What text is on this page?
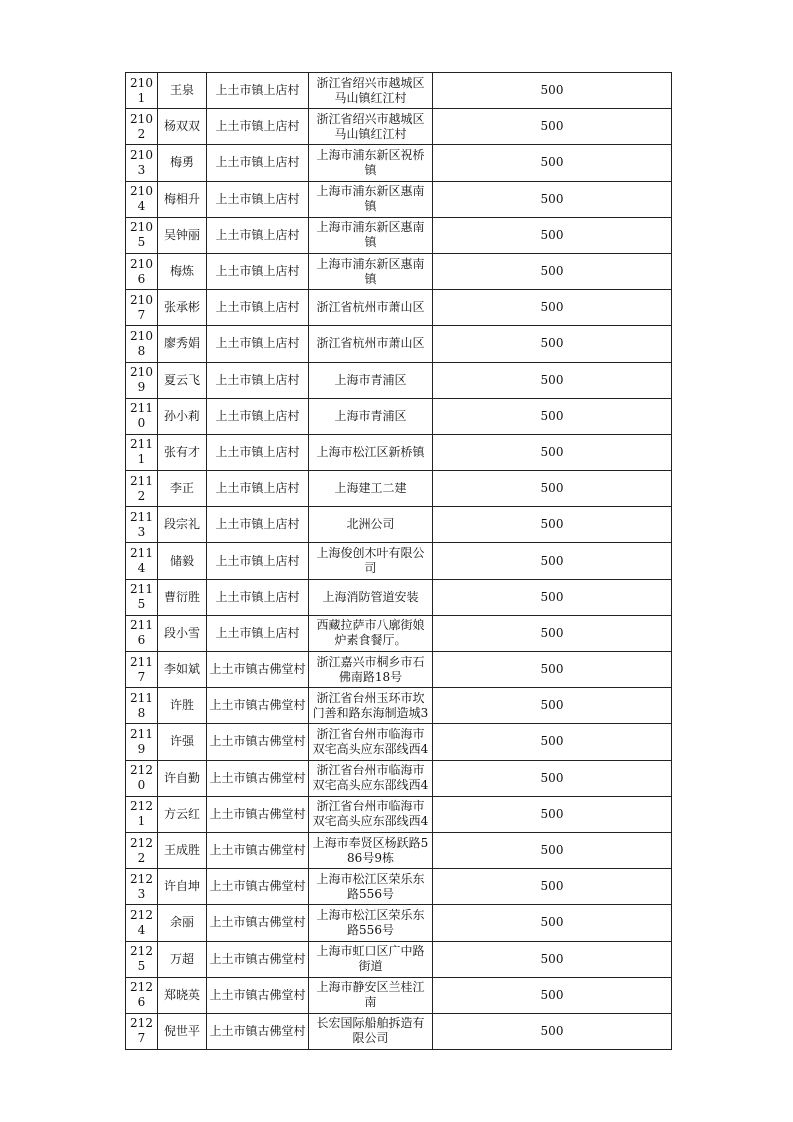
2101	王泉	上土市镇上店村	浙江省绍兴市越城区马山镇红江村	500

2102	杨双双	上土市镇上店村	浙江省绍兴市越城区马山镇红江村	500

2103	梅勇	上土市镇上店村	上海市浦东新区祝桥镇	500

2104	梅相升	上土市镇上店村	上海市浦东新区惠南镇	500

2105	吴钟丽	上土市镇上店村	上海市浦东新区惠南镇	500

2106	梅炼	上土市镇上店村	上海市浦东新区惠南镇	500

2107	张承彬	上土市镇上店村	浙江省杭州市萧山区	500

2108	廖秀娟	上土市镇上店村	浙江省杭州市萧山区	500

2109	夏云飞	上土市镇上店村	上海市青浦区	500

2110	孙小莉	上土市镇上店村	上海市青浦区	500

2111	张有才	上土市镇上店村	上海市松江区新桥镇	500

2112	李正	上土市镇上店村	上海建工二建	500

2113	段宗礼	上土市镇上店村	北洲公司	500

2114	储毅	上土市镇上店村	上海俊创木叶有限公司	500

2115	曹衍胜	上土市镇上店村	上海消防管道安装	500

2116	段小雪	上土市镇上店村	西藏拉萨市八廓街娘炉素食餐厅。	500

2117	李如斌	上土市镇古佛堂村	浙江嘉兴市桐乡市石佛南路18号	500

2118	许胜	上土市镇古佛堂村	浙江省台州玉环市坎门善和路东海制造城3	500

2119	许强	上土市镇古佛堂村	浙江省台州市临海市双宅高头应东邵线西4	500

2120	许自勤	上土市镇古佛堂村	浙江省台州市临海市双宅高头应东邵线西4	500

2121	方云红	上土市镇古佛堂村	浙江省台州市临海市双宅高头应东邵线西4	500

2122	王成胜	上土市镇古佛堂村	上海市奉贤区杨跃路586号9栋	500

2123	许自坤	上土市镇古佛堂村	上海市松江区荣乐东路556号	500

2124	余丽	上土市镇古佛堂村	上海市松江区荣乐东路556号	500

2125	万超	上土市镇古佛堂村	上海市虹口区广中路街道	500

2126	郑晓英	上土市镇古佛堂村	上海市静安区兰桂江南	500

2127	倪世平	上土市镇古佛堂村	长宏国际船舶拆造有限公司	500
